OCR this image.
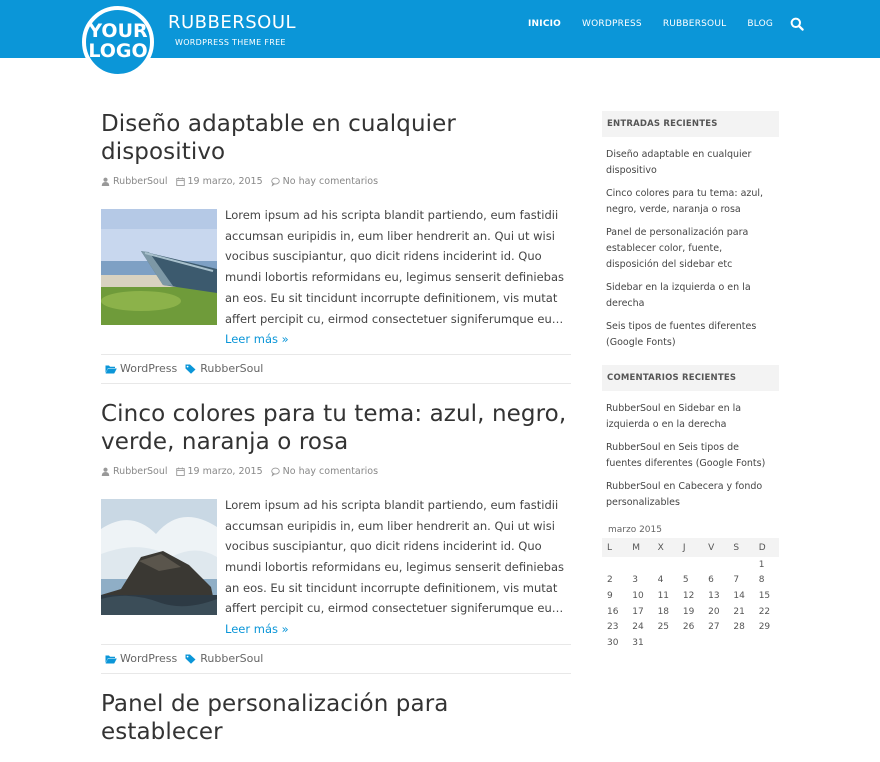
YOUR
LOGO
RUBBERSOUL
WORDPRESS THEME FREE
INICIO WORDPRESS RUBBERSOUL BLOG
Diseño adaptable en cualquier dispositivo
RubberSoul 19 marzo, 2015 No hay comentarios

Lorem ipsum ad his scripta blandit partiendo, eum fastidii accumsan euripidis in, eum liber hendrerit an. Qui ut wisi vocibus suscipiantur, quo dicit ridens inciderint id. Quo mundi lobortis reformidans eu, legimus senserit definiebas an eos. Eu sit tincidunt incorrupte definitionem, vis mutat affert percipit cu, eirmod consectetuer signiferumque eu… Leer más »

WordPress RubberSoul
Cinco colores para tu tema: azul, negro, verde, naranja o rosa
RubberSoul 19 marzo, 2015 No hay comentarios

Lorem ipsum ad his scripta blandit partiendo, eum fastidii accumsan euripidis in, eum liber hendrerit an. Qui ut wisi vocibus suscipiantur, quo dicit ridens inciderint id. Quo mundi lobortis reformidans eu, legimus senserit definiebas an eos. Eu sit tincidunt incorrupte definitionem, vis mutat affert percipit cu, eirmod consectetuer signiferumque eu… Leer más »

WordPress RubberSoul
Panel de personalización para establecer
ENTRADAS RECIENTES
Diseño adaptable en cualquier dispositivo
Cinco colores para tu tema: azul, negro, verde, naranja o rosa
Panel de personalización para establecer color, fuente, disposición del sidebar etc
Sidebar en la izquierda o en la derecha
Seis tipos de fuentes diferentes (Google Fonts)
COMENTARIOS RECIENTES
RubberSoul en Sidebar en la izquierda o en la derecha
RubberSoul en Seis tipos de fuentes diferentes (Google Fonts)
RubberSoul en Cabecera y fondo personalizables
marzo 2015
L	M	X	J	V	S	D
						1
2	3	4	5	6	7	8
9	10	11	12	13	14	15
16	17	18	19	20	21	22
23	24	25	26	27	28	29
30	31					
